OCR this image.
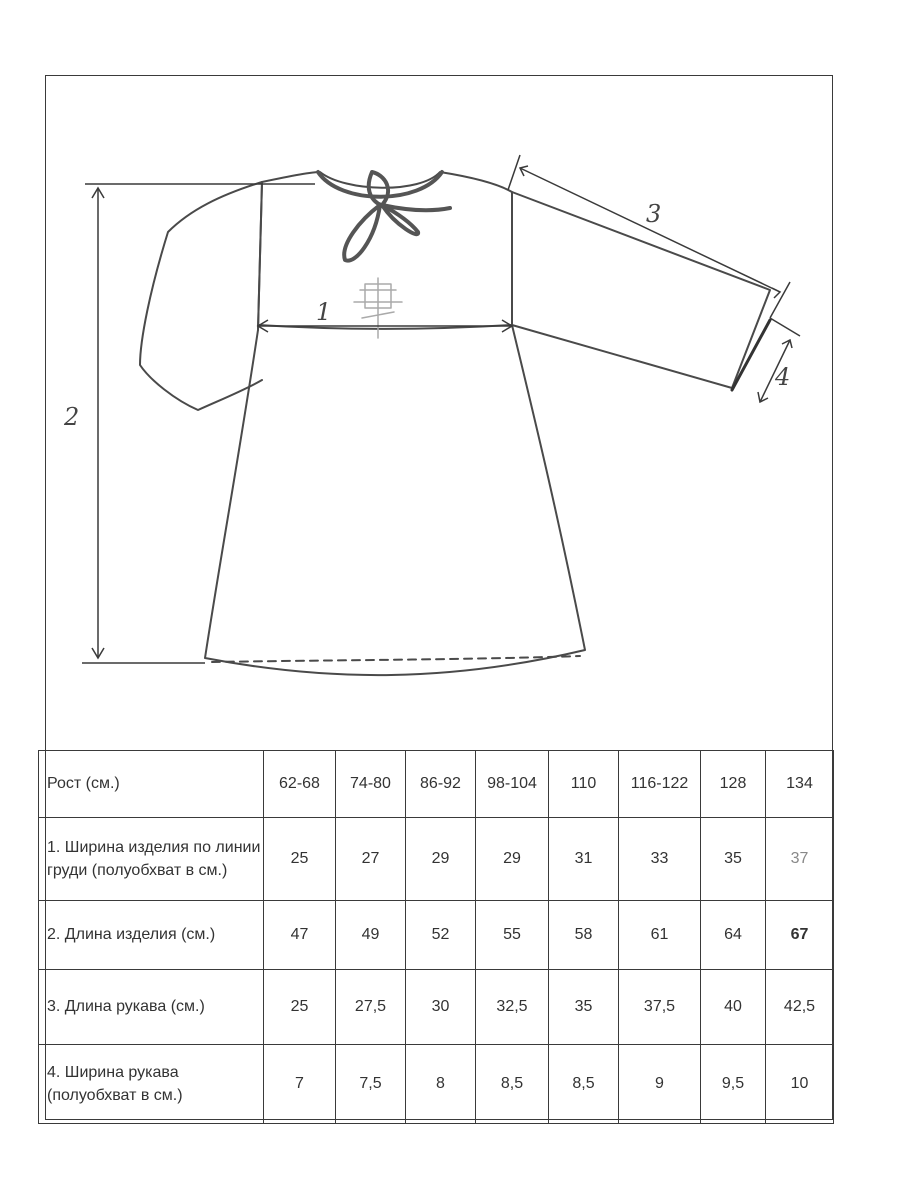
1
2
3
4
Рост (см.)	62-68	74-80	86-92	98-104	110	116-122	128	134
1. Ширина изделия по линии груди (полуобхват в см.)	25	27	29	29	31	33	35	37
2. Длина изделия (см.)	47	49	52	55	58	61	64	67
3. Длина рукава (см.)	25	27,5	30	32,5	35	37,5	40	42,5
4. Ширина рукава (полуобхват в см.)	7	7,5	8	8,5	8,5	9	9,5	10
